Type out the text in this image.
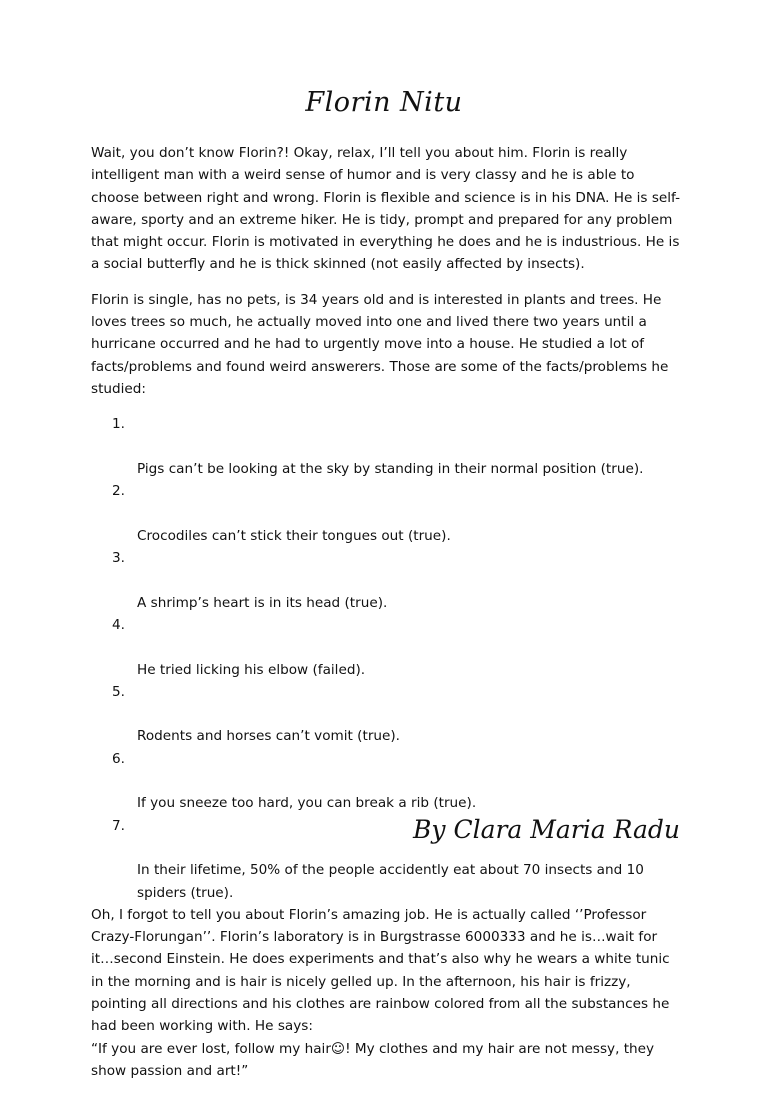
Florin Nitu

Wait, you don’t know Florin?! Okay, relax, I’ll tell you about him. Florin is really
intelligent man with a weird sense of humor and is very classy and he is able to
choose between right and wrong. Florin is flexible and science is in his DNA. He is self-
aware, sporty and an extreme hiker. He is tidy, prompt and prepared for any problem
that might occur. Florin is motivated in everything he does and he is industrious. He is
a social butterfly and he is thick skinned (not easily affected by insects).

Florin is single, has no pets, is 34 years old and is interested in plants and trees. He
loves trees so much, he actually moved into one and lived there two years until a
hurricane occurred and he had to urgently move into a house. He studied a lot of
facts/problems and found weird answerers. Those are some of the facts/problems he
studied:

1.

Pigs can’t be looking at the sky by standing in their normal position (true).

2.

Crocodiles can’t stick their tongues out (true).

3.

A shrimp’s heart is in its head (true).

4.

He tried licking his elbow (failed).

5.

Rodents and horses can’t vomit (true).

6.

If you sneeze too hard, you can break a rib (true).

7.

In their lifetime, 50% of the people accidently eat about 70 insects and 10
spiders (true).

Oh, I forgot to tell you about Florin’s amazing job. He is actually called ‘’Professor
Crazy-Florungan’’. Florin’s laboratory is in Burgstrasse 6000333 and he is…wait for
it…second Einstein. He does experiments and that’s also why he wears a white tunic
in the morning and is hair is nicely gelled up. In the afternoon, his hair is frizzy,
pointing all directions and his clothes are rainbow colored from all the substances he
had been working with. He says:
“If you are ever lost, follow my hair☺! My clothes and my hair are not messy, they
show passion and art!”

By Clara Maria Radu
